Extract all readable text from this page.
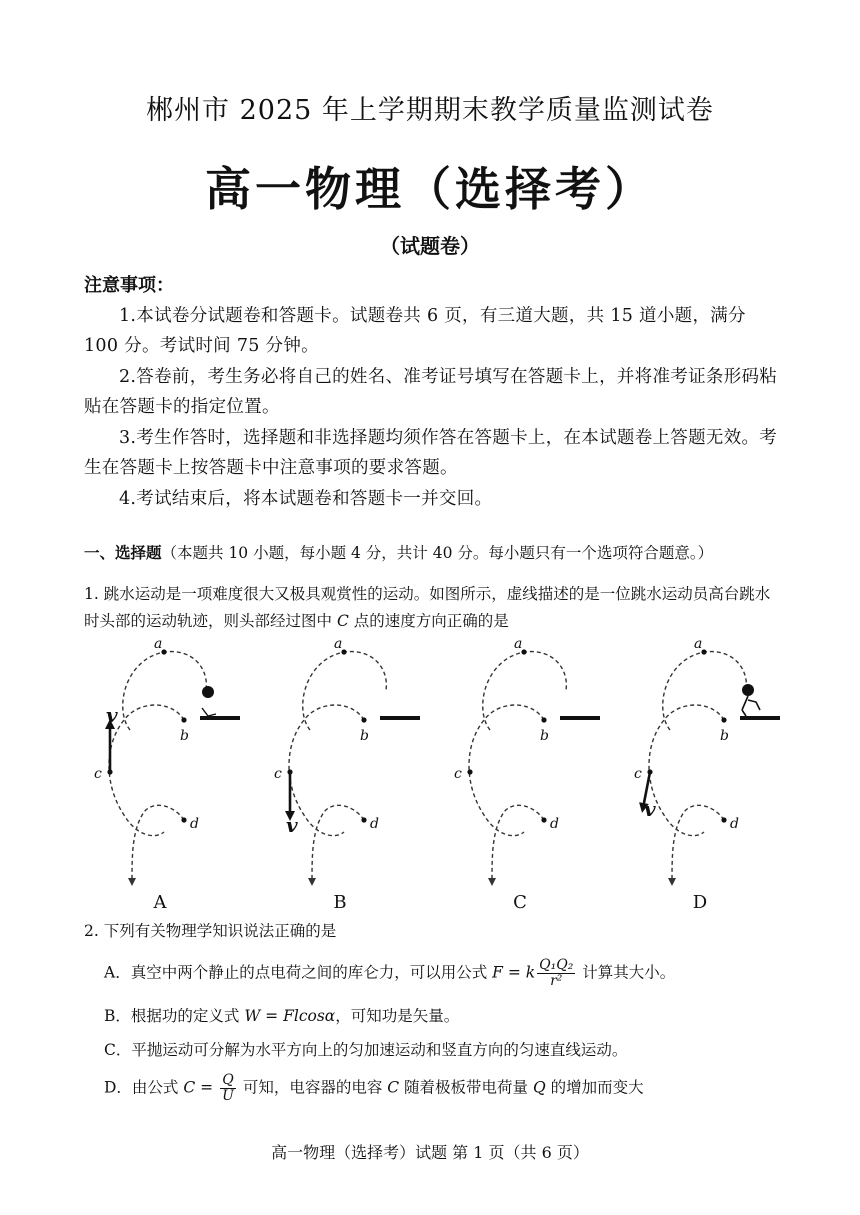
郴州市 2025 年上学期期末教学质量监测试卷
高一物理（选择考）
（试题卷）
注意事项：
1.本试卷分试题卷和答题卡。试题卷共 6 页，有三道大题，共 15 道小题，满分 100 分。考试时间 75 分钟。
2.答卷前，考生务必将自己的姓名、准考证号填写在答题卡上，并将准考证条形码粘贴在答题卡的指定位置。
3.考生作答时，选择题和非选择题均须作答在答题卡上，在本试题卷上答题无效。考生在答题卡上按答题卡中注意事项的要求答题。
4.考试结束后，将本试题卷和答题卡一并交回。
一、选择题（本题共 10 小题，每小题 4 分，共计 40 分。每小题只有一个选项符合题意。）
1. 跳水运动是一项难度很大又极具观赏性的运动。如图所示，虚线描述的是一位跳水运动员高台跳水时头部的运动轨迹，则头部经过图中 C 点的速度方向正确的是
a
b
c
d
a
b
c
d
a
b
c
d
a
b
c
d
v
v
v
A	B	C	D
2. 下列有关物理学知识说法正确的是
A．真空中两个静止的点电荷之间的库仑力，可以用公式 F = k $\frac{\text{Q₁Q₂}}{\text{r²}}$ 计算其大小。
B．根据功的定义式 W = Flcosα，可知功是矢量。
C．平抛运动可分解为水平方向上的匀加速运动和竖直方向的匀速直线运动。
D．由公式 $C = \frac{Q}{U}$ 可知，电容器的电容 C 随着极板带电荷量 Q 的增加而变大
高一物理（选择考）试题 第 1 页（共 6 页）
